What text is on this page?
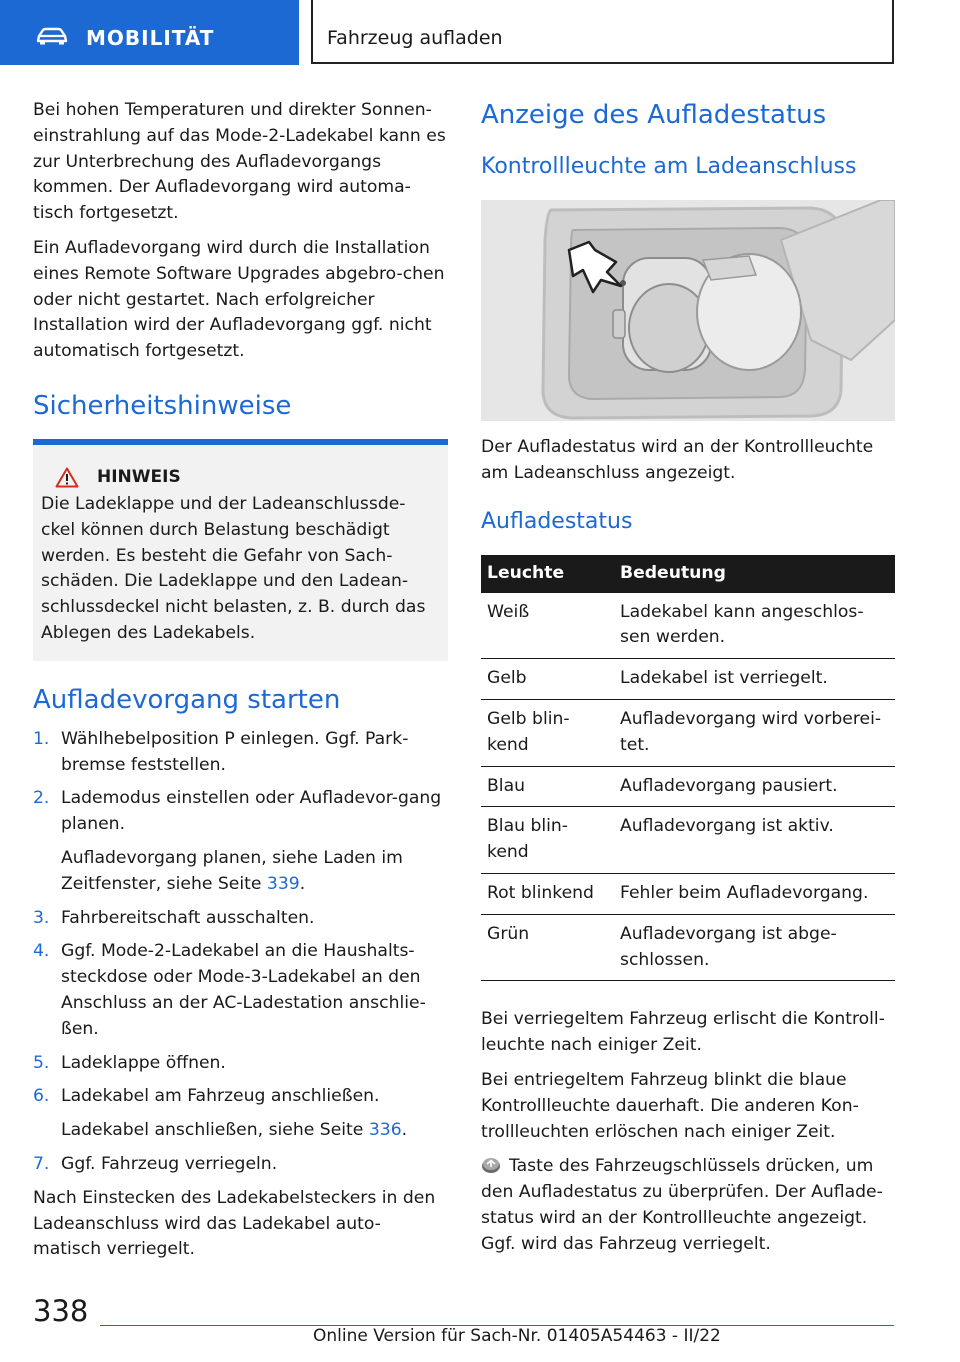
MOBILITÄT	Fahrzeug aufladen

Bei hohen Temperaturen und direkter Sonnen-einstrahlung auf das Mode-2-Ladekabel kann es zur Unterbrechung des Aufladevorgangs kommen. Der Aufladevorgang wird automa-tisch fortgesetzt.

Ein Aufladevorgang wird durch die Installation eines Remote Software Upgrades abgebro-chen oder nicht gestartet. Nach erfolgreicher Installation wird der Aufladevorgang ggf. nicht automatisch fortgesetzt.

Sicherheitshinweise
HINWEIS

Die Ladeklappe und der Ladeanschlussde-ckel können durch Belastung beschädigt werden. Es besteht die Gefahr von Sach-schäden. Die Ladeklappe und den Ladean-schlussdeckel nicht belasten, z. B. durch das Ablegen des Ladekabels.

Aufladevorgang starten
1. Wählhebelposition P einlegen. Ggf. Park-bremse feststellen.
2. Lademodus einstellen oder Aufladevor-gang planen.
Aufladevorgang planen, siehe Laden im Zeitfenster, siehe Seite 339.
3. Fahrbereitschaft ausschalten.
4. Ggf. Mode-2-Ladekabel an die Haushalts-steckdose oder Mode-3-Ladekabel an den Anschluss an der AC-Ladestation anschlie-ßen.
5. Ladeklappe öffnen.
6. Ladekabel am Fahrzeug anschließen.
Ladekabel anschließen, siehe Seite 336.
7. Ggf. Fahrzeug verriegeln.

Nach Einstecken des Ladekabelsteckers in den Ladeanschluss wird das Ladekabel auto-matisch verriegelt.

Anzeige des Aufladestatus
Kontrollleuchte am Ladeanschluss

Der Aufladestatus wird an der Kontrollleuchte am Ladeanschluss angezeigt.

Aufladestatus
Leuchte	Bedeutung
Weiß	Ladekabel kann angeschlos-sen werden.
Gelb	Ladekabel ist verriegelt.
Gelb blin-kend	Aufladevorgang wird vorberei-tet.
Blau	Aufladevorgang pausiert.
Blau blin-kend	Aufladevorgang ist aktiv.
Rot blinkend	Fehler beim Aufladevorgang.
Grün	Aufladevorgang ist abge-schlossen.

Bei verriegeltem Fahrzeug erlischt die Kontroll-leuchte nach einiger Zeit.

Bei entriegeltem Fahrzeug blinkt die blaue Kontrollleuchte dauerhaft. Die anderen Kon-trollleuchten erlöschen nach einiger Zeit.

Taste des Fahrzeugschlüssels drücken, um den Aufladestatus zu überprüfen. Der Auflade-status wird an der Kontrollleuchte angezeigt. Ggf. wird das Fahrzeug verriegelt.

338
Online Version für Sach-Nr. 01405A54463 - II/22
